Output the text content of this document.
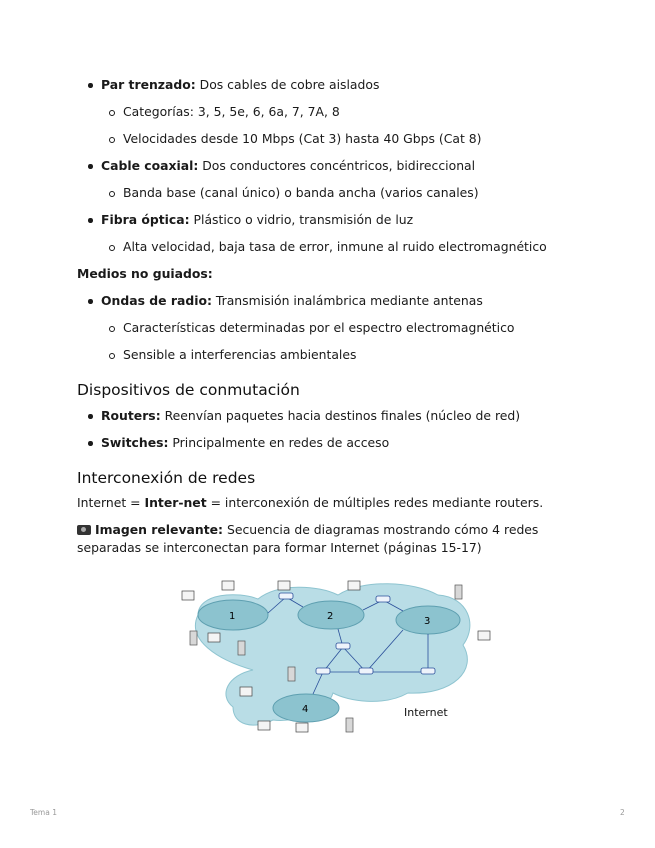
Par trenzado: Dos cables de cobre aislados
Categorías: 3, 5, 5e, 6, 6a, 7, 7A, 8
Velocidades desde 10 Mbps (Cat 3) hasta 40 Gbps (Cat 8)
Cable coaxial: Dos conductores concéntricos, bidireccional
Banda base (canal único) o banda ancha (varios canales)
Fibra óptica: Plástico o vidrio, transmisión de luz
Alta velocidad, baja tasa de error, inmune al ruido electromagnético
Medios no guiados:
Ondas de radio: Transmisión inalámbrica mediante antenas
Características determinadas por el espectro electromagnético
Sensible a interferencias ambientales
Dispositivos de conmutación
Routers: Reenvían paquetes hacia destinos finales (núcleo de red)
Switches: Principalmente en redes de acceso
Interconexión de redes

Internet = Inter-net = interconexión de múltiples redes mediante routers.

Imagen relevante: Secuencia de diagramas mostrando cómo 4 redes separadas se interconectan para formar Internet (páginas 15-17)

1	2	3
4	Internet
Tema 1	2
